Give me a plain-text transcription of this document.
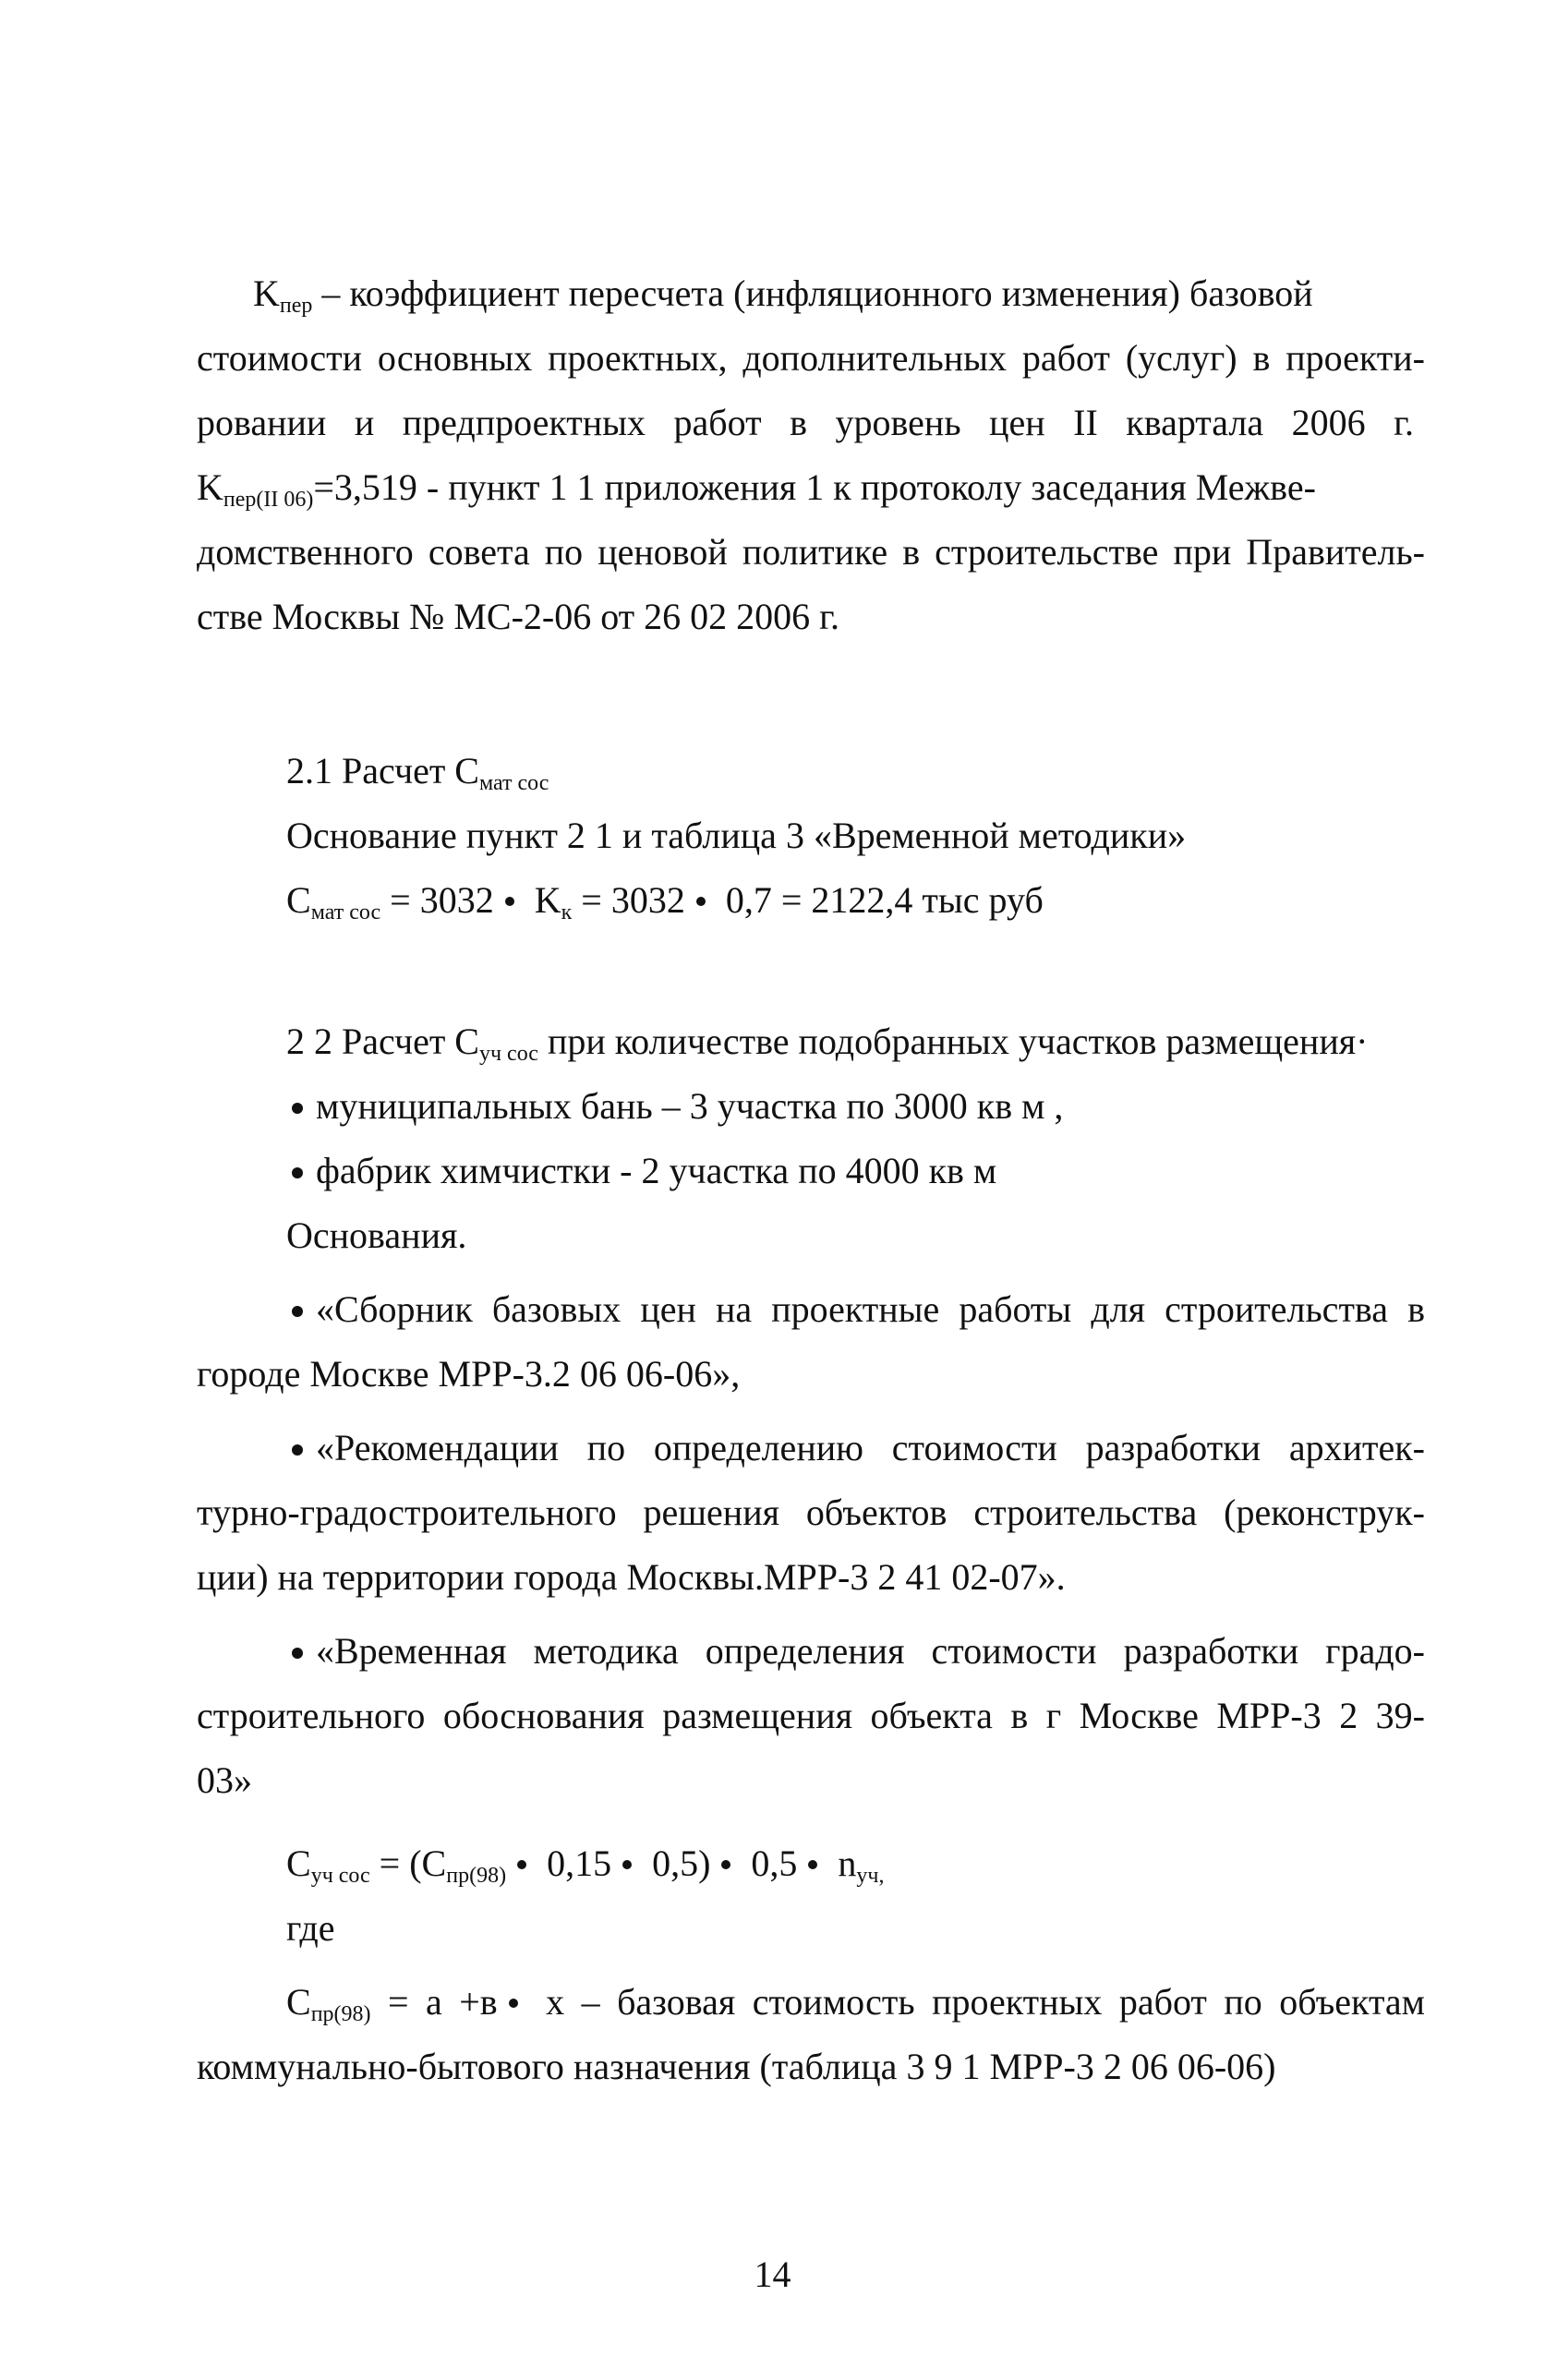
$K_{пер}$ – коэффициент пересчета (инфляционного изменения) базовой
стоимости основных проектных, дополнительных работ (услуг) в проекти-
ровании и предпроектных работ в уровень цен II квартала 2006 г.
$K_{пер(II 06)}=3,519$ - пункт 1 1 приложения 1 к протоколу заседания Межве-
домственного совета по ценовой политике в строительстве при Правитель-
стве Москвы № МС-2-06 от 26 02 2006 г.
2.1 Расчет $С_{мат сос}$
Основание пункт 2 1 и таблица 3 «Временной методики»
$С_{мат сос} = 3032$ $K_к = 3032$ 0,7 = 2122,4 тыс руб
2 2 Расчет $С_{уч сос}$ при количестве подобранных участков размещения·
муниципальных бань – 3 участка по 3000 кв м ,
фабрик химчистки - 2 участка по 4000 кв м
Основания.
«Сборник базовых цен на проектные работы для строительства в
городе Москве МРР-3.2 06 06-06»,
«Рекомендации по определению стоимости разработки архитек-
турно-градостроительного решения объектов строительства (реконструк-
ции) на территории города Москвы.МРР-3 2 41 02-07».
«Временная методика определения стоимости разработки градо-
строительного обоснования размещения объекта в г Москве МРР-3 2 39-
03»
$С_{уч сос} = (С_{пр(98)}$ 0,15 0,5) 0,5 $n_{уч,}$
где
$С_{пр(98)} = а +в$ х – базовая стоимость проектных работ по объектам
коммунально-бытового назначения (таблица 3 9 1 МРР-3 2 06 06-06)
14
